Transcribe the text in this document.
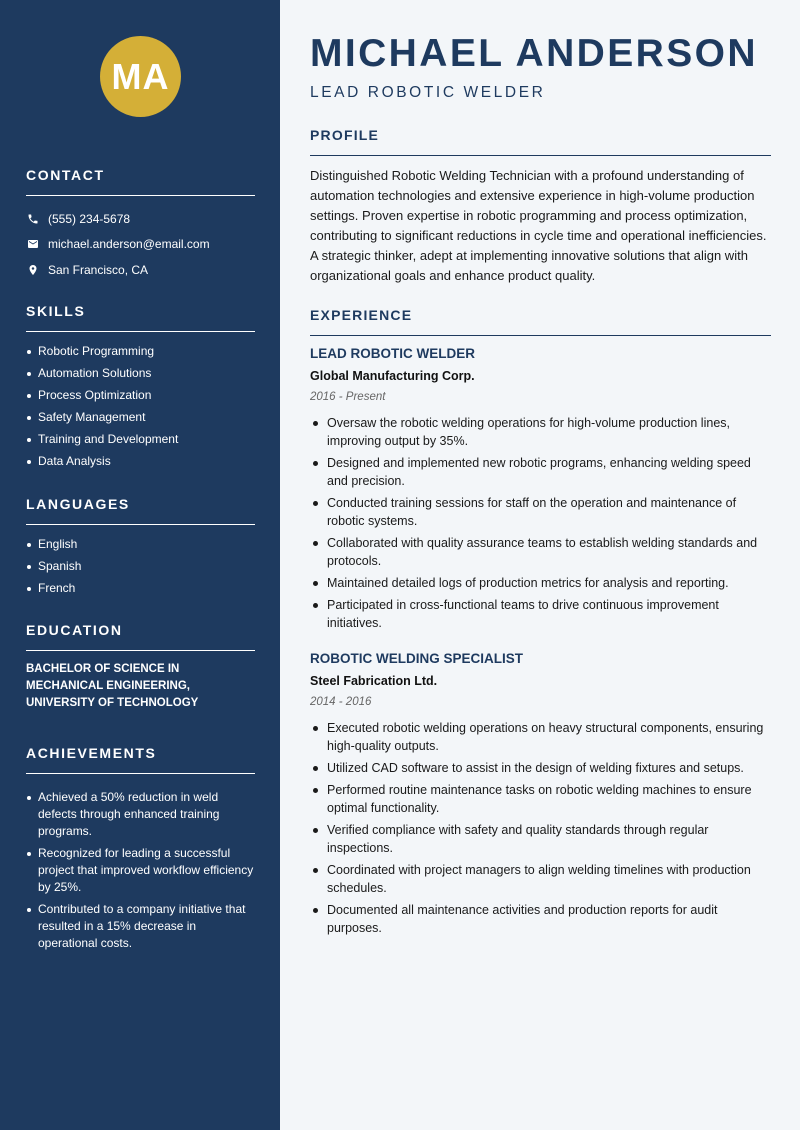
MA
CONTACT
(555) 234-5678
michael.anderson@email.com
San Francisco, CA
SKILLS
Robotic Programming
Automation Solutions
Process Optimization
Safety Management
Training and Development
Data Analysis
LANGUAGES
English
Spanish
French
EDUCATION
BACHELOR OF SCIENCE IN MECHANICAL ENGINEERING, UNIVERSITY OF TECHNOLOGY
ACHIEVEMENTS
Achieved a 50% reduction in weld defects through enhanced training programs.
Recognized for leading a successful project that improved workflow efficiency by 25%.
Contributed to a company initiative that resulted in a 15% decrease in operational costs.
MICHAEL ANDERSON
LEAD ROBOTIC WELDER
PROFILE

Distinguished Robotic Welding Technician with a profound understanding of automation technologies and extensive experience in high-volume production settings. Proven expertise in robotic programming and process optimization, contributing to significant reductions in cycle time and operational inefficiencies. A strategic thinker, adept at implementing innovative solutions that align with organizational goals and enhance product quality.

EXPERIENCE
LEAD ROBOTIC WELDER
Global Manufacturing Corp.
2016 - Present
Oversaw the robotic welding operations for high-volume production lines, improving output by 35%.
Designed and implemented new robotic programs, enhancing welding speed and precision.
Conducted training sessions for staff on the operation and maintenance of robotic systems.
Collaborated with quality assurance teams to establish welding standards and protocols.
Maintained detailed logs of production metrics for analysis and reporting.
Participated in cross-functional teams to drive continuous improvement initiatives.
ROBOTIC WELDING SPECIALIST
Steel Fabrication Ltd.
2014 - 2016
Executed robotic welding operations on heavy structural components, ensuring high-quality outputs.
Utilized CAD software to assist in the design of welding fixtures and setups.
Performed routine maintenance tasks on robotic welding machines to ensure optimal functionality.
Verified compliance with safety and quality standards through regular inspections.
Coordinated with project managers to align welding timelines with production schedules.
Documented all maintenance activities and production reports for audit purposes.
